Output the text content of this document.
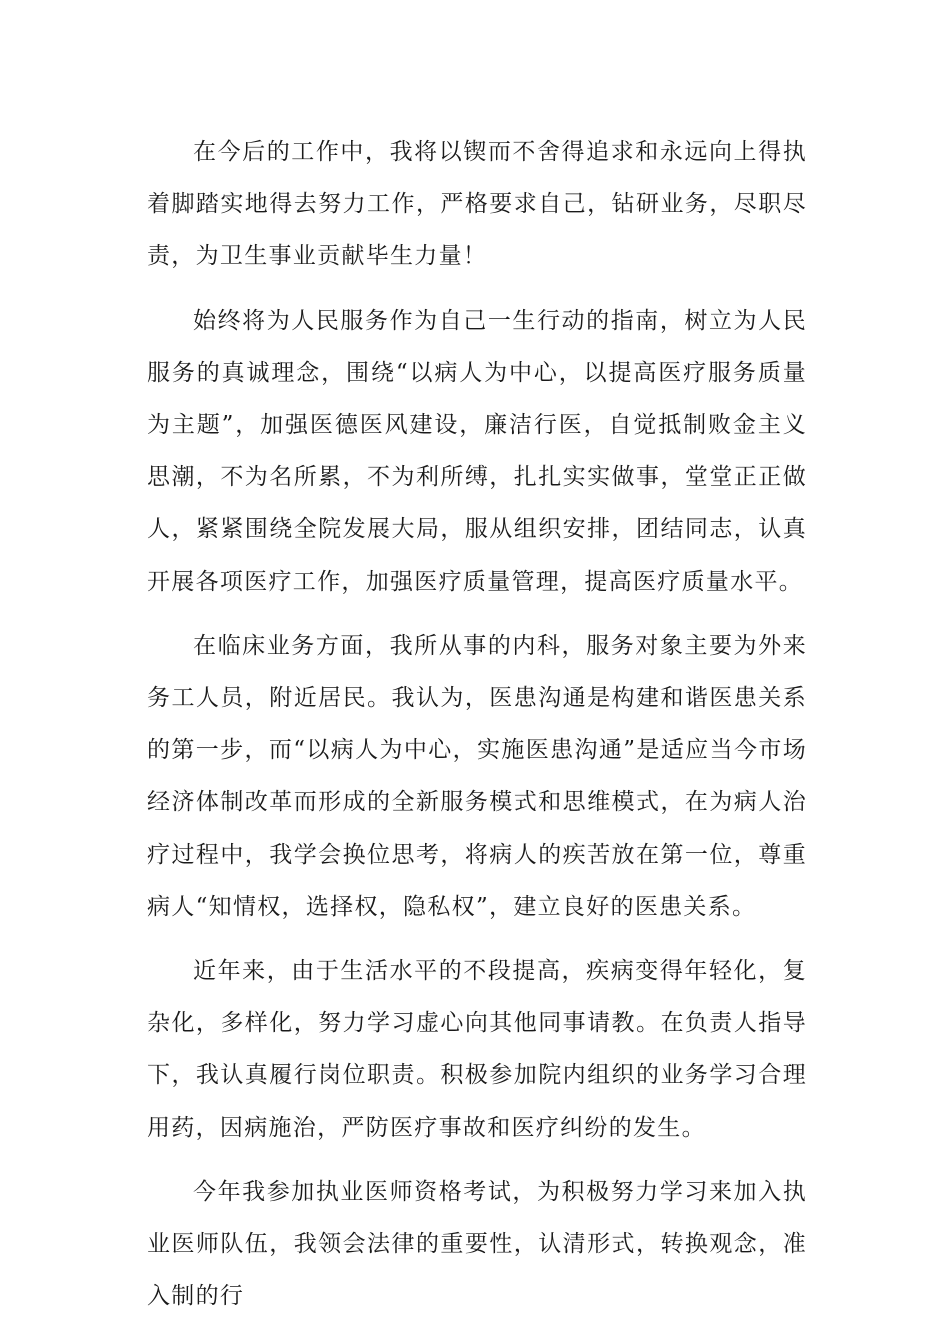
在今后的工作中，我将以锲而不舍得追求和永远向上得执着脚踏实地得去努力工作，严格要求自己，钻研业务，尽职尽责，为卫生事业贡献毕生力量！

始终将为人民服务作为自己一生行动的指南，树立为人民服务的真诚理念，围绕“以病人为中心，以提高医疗服务质量为主题”，加强医德医风建设，廉洁行医，自觉抵制败金主义思潮，不为名所累，不为利所缚，扎扎实实做事，堂堂正正做人，紧紧围绕全院发展大局，服从组织安排，团结同志，认真开展各项医疗工作，加强医疗质量管理，提高医疗质量水平。

在临床业务方面，我所从事的内科，服务对象主要为外来务工人员，附近居民。我认为，医患沟通是构建和谐医患关系的第一步，而“以病人为中心，实施医患沟通”是适应当今市场经济体制改革而形成的全新服务模式和思维模式，在为病人治疗过程中，我学会换位思考，将病人的疾苦放在第一位，尊重病人“知情权，选择权，隐私权”，建立良好的医患关系。

近年来，由于生活水平的不段提高，疾病变得年轻化，复杂化，多样化，努力学习虚心向其他同事请教。在负责人指导下，我认真履行岗位职责。积极参加院内组织的业务学习合理用药，因病施治，严防医疗事故和医疗纠纷的发生。

今年我参加执业医师资格考试，为积极努力学习来加入执业医师队伍，我领会法律的重要性，认清形式，转换观念，准入制的行
